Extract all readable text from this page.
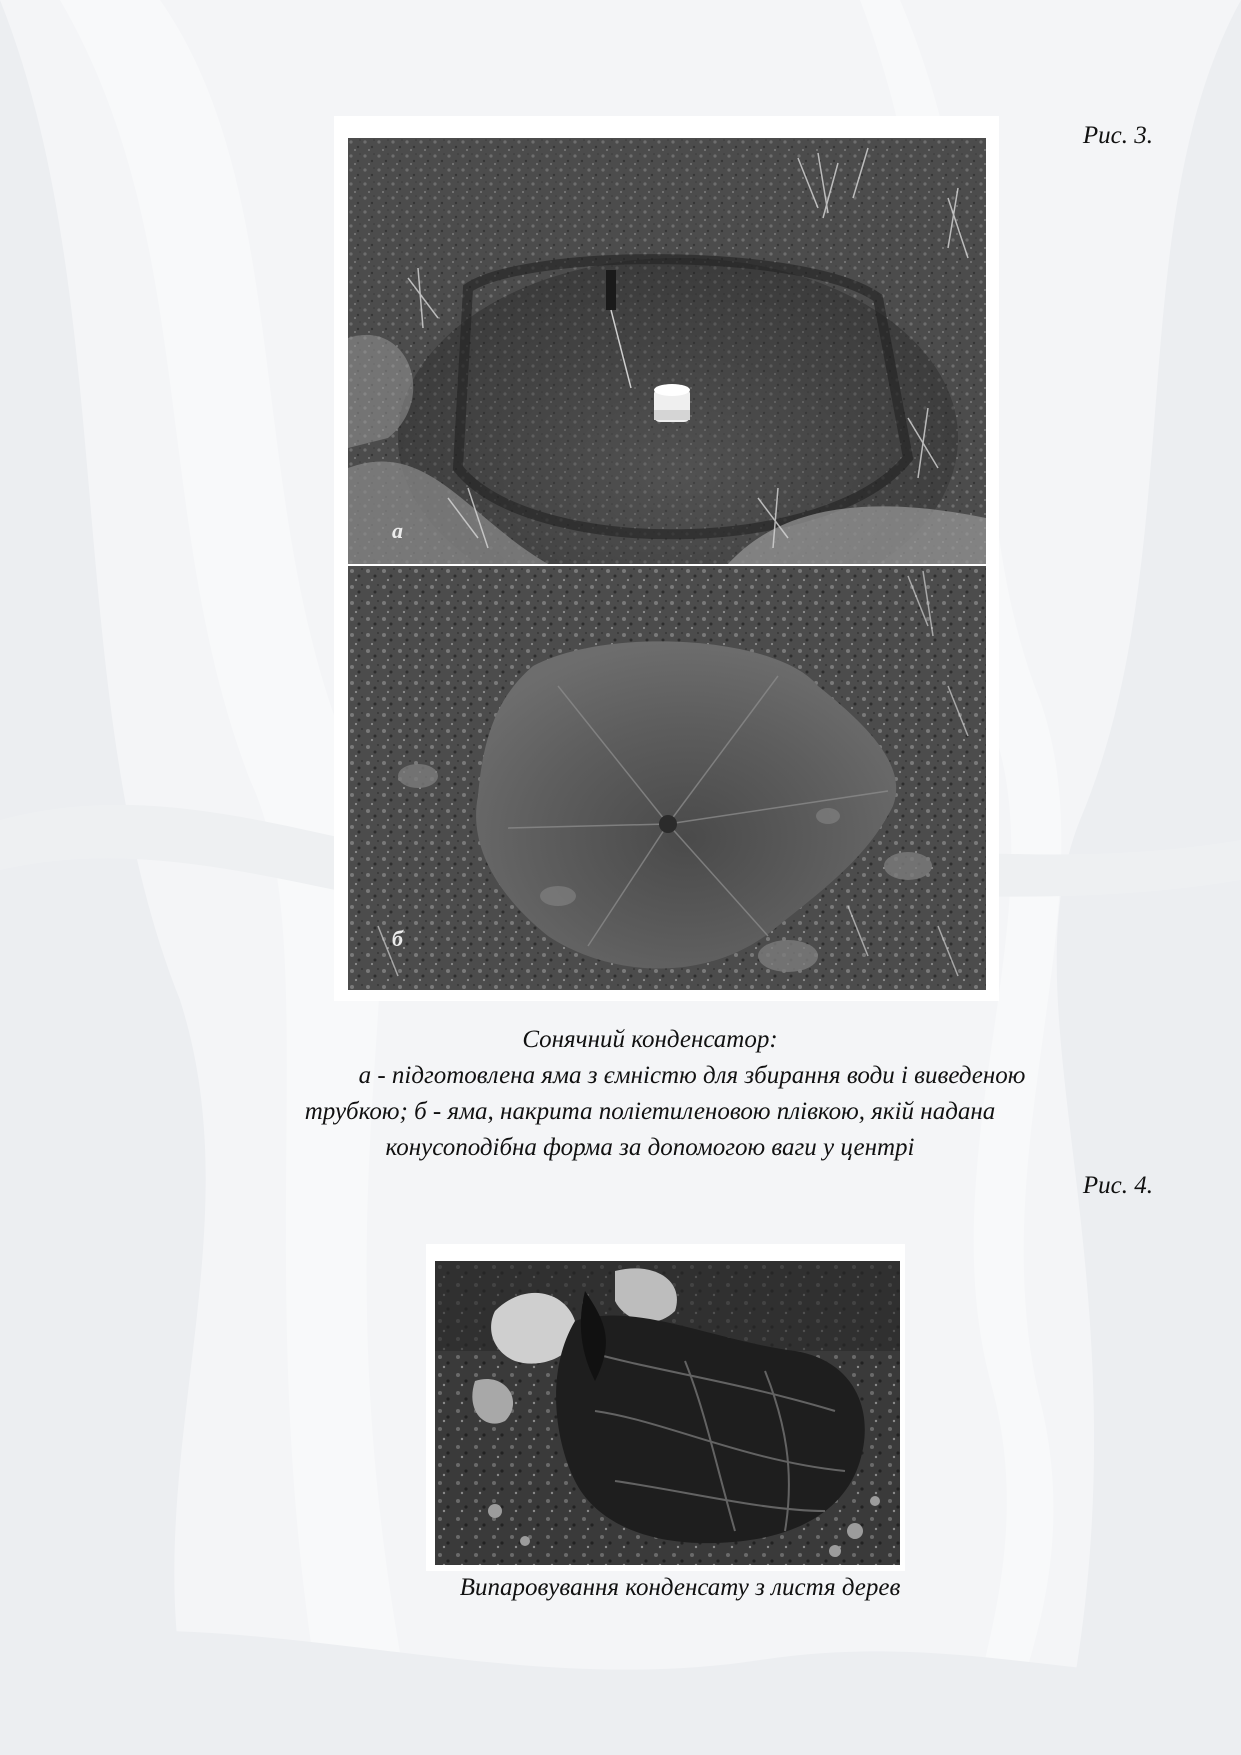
Рис. 3.
а
б
Сонячний конденсатор:
а - підготовлена яма з ємністю для збирання води і виведеною
трубкою; б - яма, накрита поліетиленовою плівкою, якій надана
конусоподібна форма за допомогою ваги у центрі
Рис. 4.
Випаровування конденсату з листя дерев
